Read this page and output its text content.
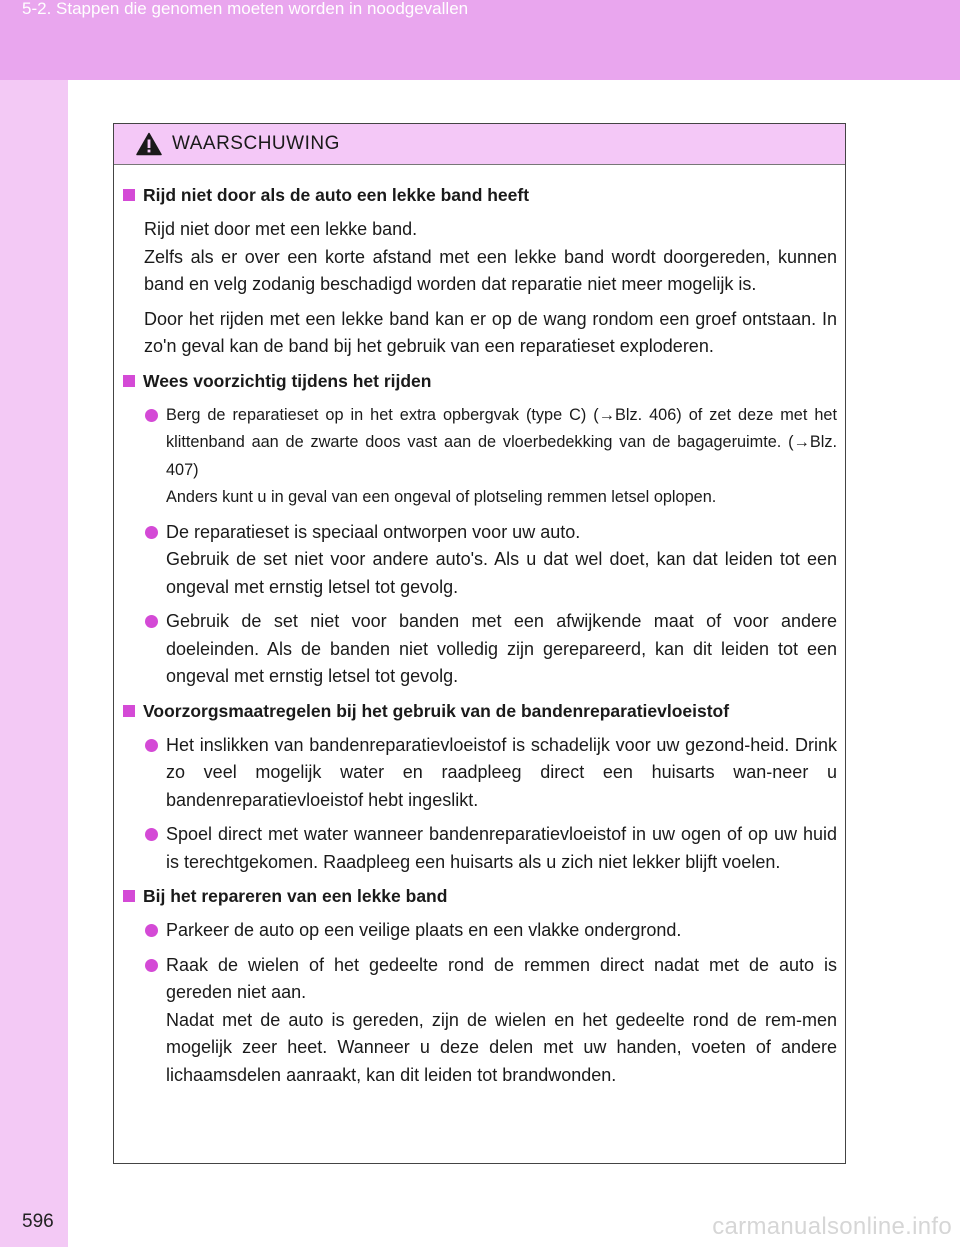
5-2. Stappen die genomen moeten worden in noodgevallen
WAARSCHUWING
Rijd niet door als de auto een lekke band heeft
Rijd niet door met een lekke band.
Zelfs als er over een korte afstand met een lekke band wordt doorgereden, kunnen band en velg zodanig beschadigd worden dat reparatie niet meer mogelijk is.
Door het rijden met een lekke band kan er op de wang rondom een groef ontstaan. In zo'n geval kan de band bij het gebruik van een reparatieset exploderen.
Wees voorzichtig tijdens het rijden
Berg de reparatieset op in het extra opbergvak (type C) (→Blz. 406) of zet deze met het klittenband aan de zwarte doos vast aan de vloerbedekking van de bagageruimte. (→Blz. 407)
Anders kunt u in geval van een ongeval of plotseling remmen letsel oplopen.
De reparatieset is speciaal ontworpen voor uw auto.
Gebruik de set niet voor andere auto's. Als u dat wel doet, kan dat leiden tot een ongeval met ernstig letsel tot gevolg.
Gebruik de set niet voor banden met een afwijkende maat of voor andere doeleinden. Als de banden niet volledig zijn gerepareerd, kan dit leiden tot een ongeval met ernstig letsel tot gevolg.
Voorzorgsmaatregelen bij het gebruik van de bandenreparatievloeistof
Het inslikken van bandenreparatievloeistof is schadelijk voor uw gezond-heid. Drink zo veel mogelijk water en raadpleeg direct een huisarts wan-neer u bandenreparatievloeistof hebt ingeslikt.
Spoel direct met water wanneer bandenreparatievloeistof in uw ogen of op uw huid is terechtgekomen. Raadpleeg een huisarts als u zich niet lekker blijft voelen.
Bij het repareren van een lekke band
Parkeer de auto op een veilige plaats en een vlakke ondergrond.
Raak de wielen of het gedeelte rond de remmen direct nadat met de auto is gereden niet aan.
Nadat met de auto is gereden, zijn de wielen en het gedeelte rond de rem-men mogelijk zeer heet. Wanneer u deze delen met uw handen, voeten of andere lichaamsdelen aanraakt, kan dit leiden tot brandwonden.
596	carmanualsonline.info
